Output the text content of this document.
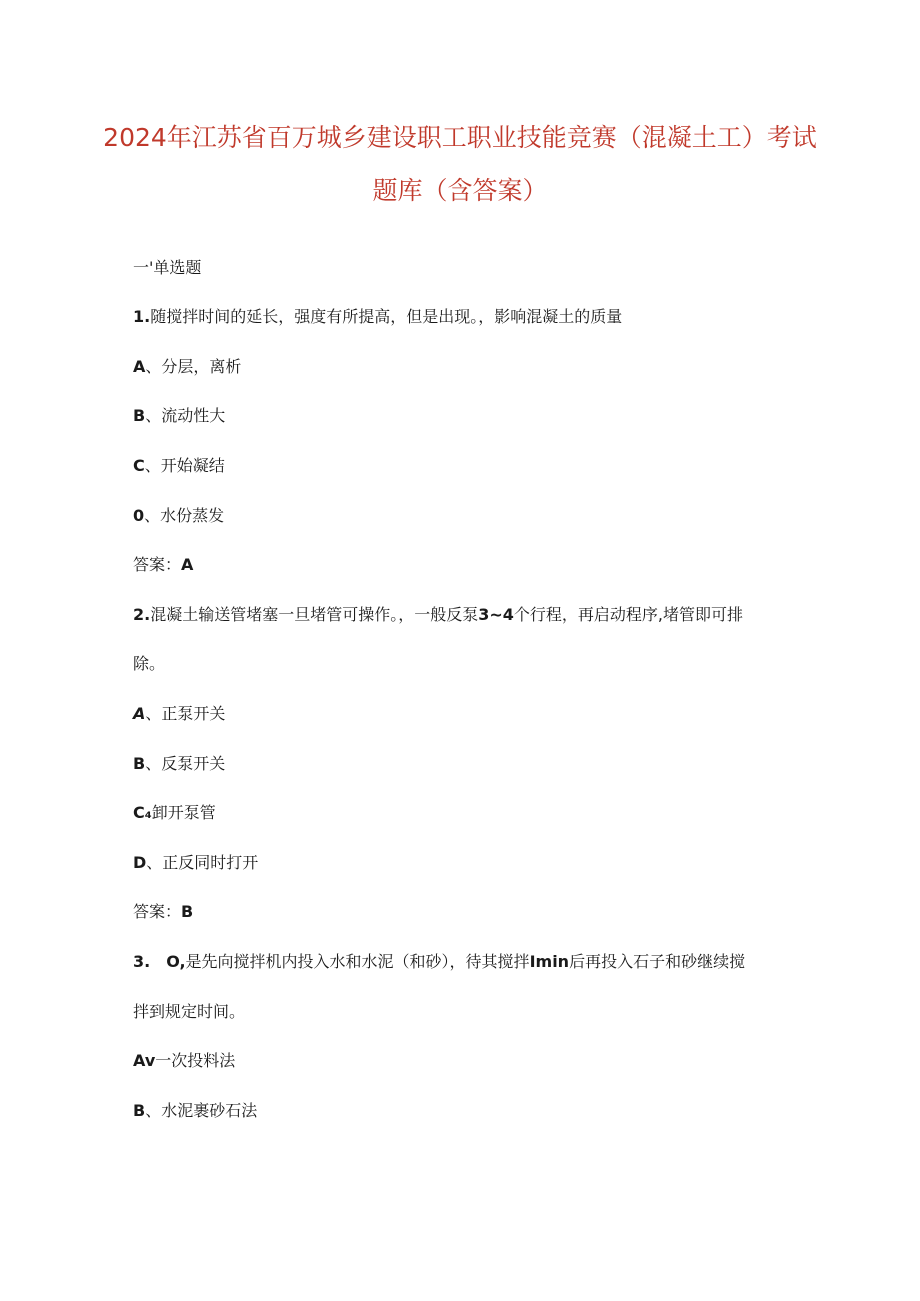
2024年江苏省百万城乡建设职工职业技能竞赛（混凝土工）考试
题库（含答案）
一'单选题
1.随搅拌时间的延长，强度有所提高，但是出现。，影响混凝土的质量
A、分层，离析
B、流动性大
C、开始凝结
0、水份蒸发
答案：A
2.混凝土输送管堵塞一旦堵管可操作。，一般反泵3~4个行程，再启动程序,堵管即可排
除。
A、正泵开关
B、反泵开关
C₄卸开泵管
D、正反同时打开
答案：B
3. O,是先向搅拌机内投入水和水泥（和砂），待其搅拌Imin后再投入石子和砂继续搅
拌到规定时间。
Av一次投料法
B、水泥裹砂石法
